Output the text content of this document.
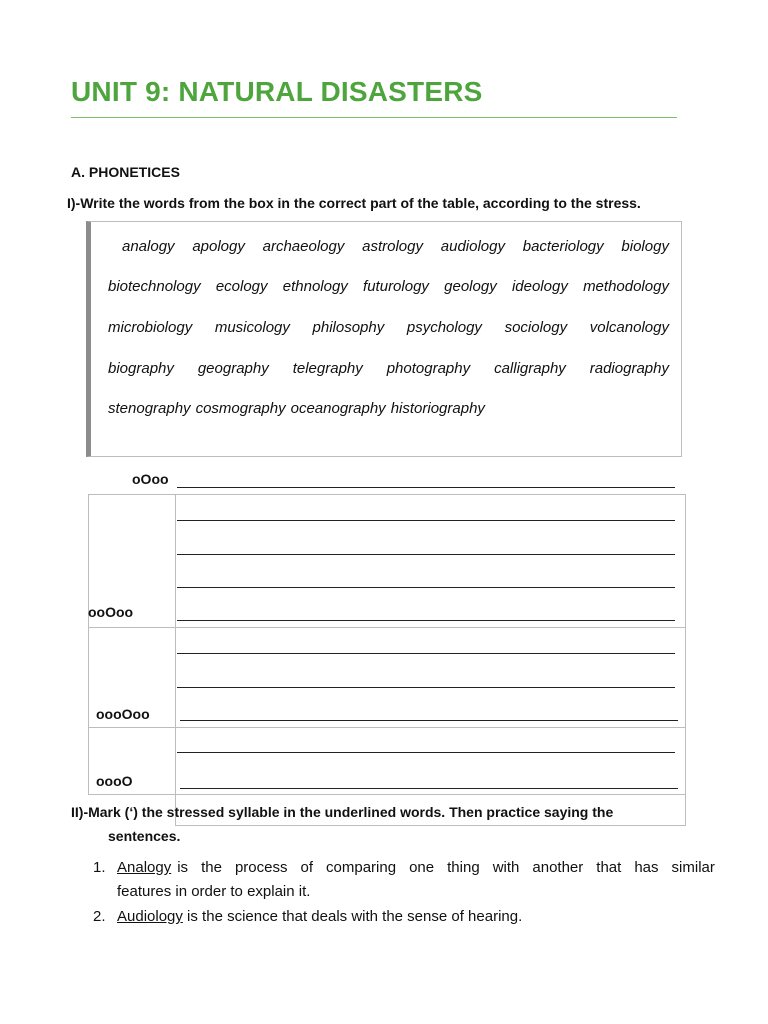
UNIT 9: NATURAL DISASTERS
A. PHONETICES
I)-Write the words from the box in the correct part of the table, according to the stress.
analogy apology archaeology astrology audiology bacteriology biology
biotechnology ecology ethnology futurology geology ideology methodology
microbiology musicology philosophy psychology sociology volcanology
biography geography telegraphy photography calligraphy radiography
stenography cosmography oceanography historiography
oOoo
ooOoo
oooOoo
oooO
II)-Mark (‘) the stressed syllable in the underlined words. Then practice saying the
sentences.
1. Analogy is the process of comparing one thing with another that has similar
features in order to explain it.
2. Audiology is the science that deals with the sense of hearing.
